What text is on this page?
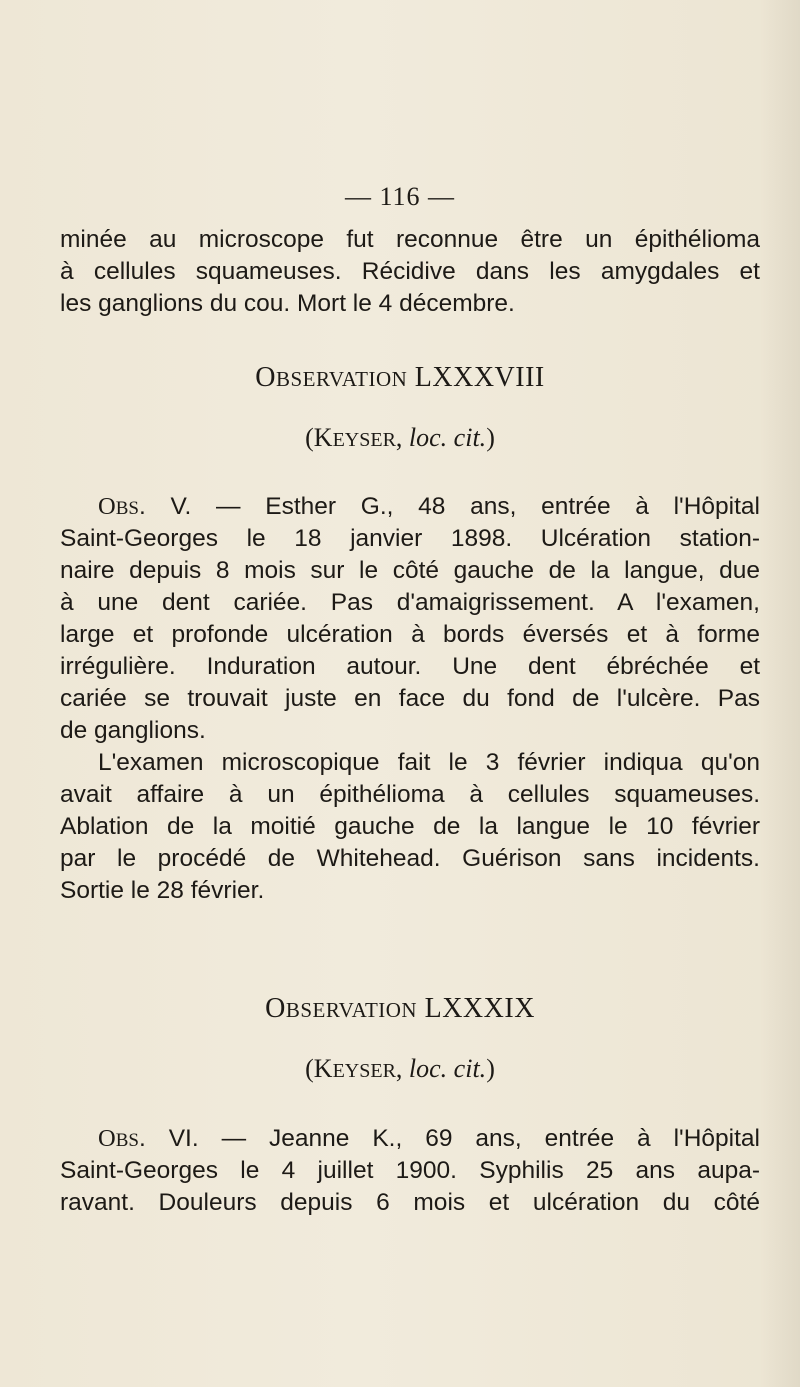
— 116 —
minée au microscope fut reconnue être un épithélioma
à cellules squameuses. Récidive dans les amygdales et
les ganglions du cou. Mort le 4 décembre.
OBSERVATION LXXXVIII
(KEYSER, loc. cit.)
OBS. V. — Esther G., 48 ans, entrée à l'Hôpital
Saint-Georges le 18 janvier 1898. Ulcération station-
naire depuis 8 mois sur le côté gauche de la langue, due
à une dent cariée. Pas d'amaigrissement. A l'examen,
large et profonde ulcération à bords éversés et à forme
irrégulière. Induration autour. Une dent ébréchée et
cariée se trouvait juste en face du fond de l'ulcère. Pas
de ganglions.
L'examen microscopique fait le 3 février indiqua qu'on
avait affaire à un épithélioma à cellules squameuses.
Ablation de la moitié gauche de la langue le 10 février
par le procédé de Whitehead. Guérison sans incidents.
Sortie le 28 février.
OBSERVATION LXXXIX
(KEYSER, loc. cit.)
OBS. VI. — Jeanne K., 69 ans, entrée à l'Hôpital
Saint-Georges le 4 juillet 1900. Syphilis 25 ans aupa-
ravant. Douleurs depuis 6 mois et ulcération du côté
